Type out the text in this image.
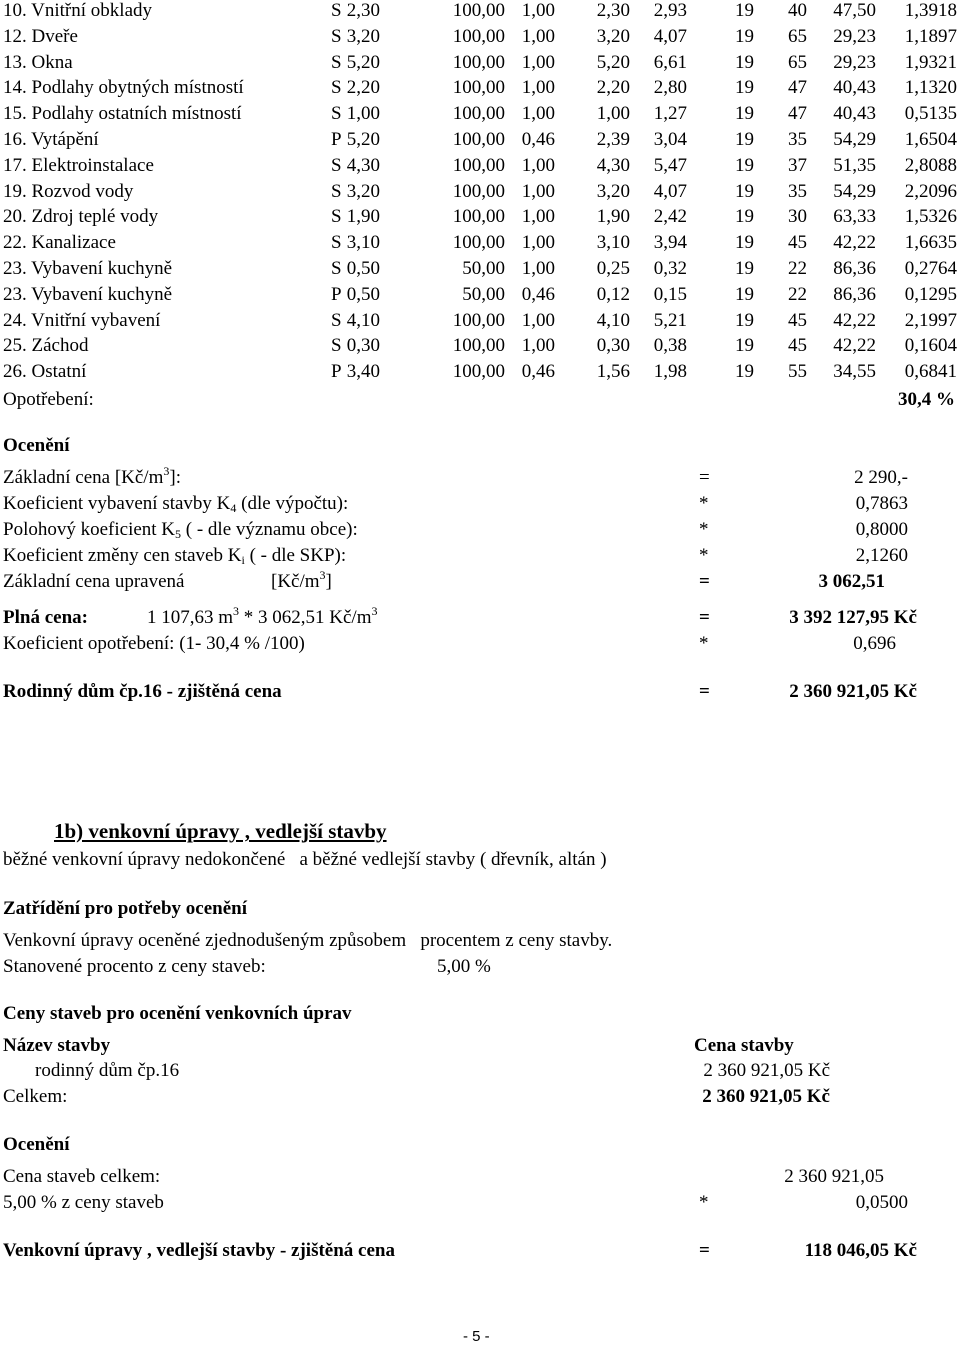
10. Vnitřní obklady	S 2,30	100,00 1,00 2,30 2,93	19 40 47,50 1,3918
12. Dveře	S 3,20	100,00 1,00 3,20 4,07	19 65 29,23 1,1897
13. Okna	S 5,20	100,00 1,00 5,20 6,61	19 65 29,23 1,9321
14. Podlahy obytných místností	S 2,20	100,00 1,00 2,20 2,80	19 47 40,43 1,1320
15. Podlahy ostatních místností	S 1,00	100,00 1,00 1,00 1,27	19 47 40,43 0,5135
16. Vytápění	P 5,20	100,00 0,46 2,39 3,04	19 35 54,29 1,6504
17. Elektroinstalace	S 4,30	100,00 1,00 4,30 5,47	19 37 51,35 2,8088
19. Rozvod vody	S 3,20	100,00 1,00 3,20 4,07	19 35 54,29 2,2096
20. Zdroj teplé vody	S 1,90	100,00 1,00 1,90 2,42	19 30 63,33 1,5326
22. Kanalizace	S 3,10	100,00 1,00 3,10 3,94	19 45 42,22 1,6635
23. Vybavení kuchyně	S 0,50	50,00 1,00 0,25 0,32	19 22 86,36 0,2764
23. Vybavení kuchyně	P 0,50	50,00 0,46 0,12 0,15	19 22 86,36 0,1295
24. Vnitřní vybavení	S 4,10	100,00 1,00 4,10 5,21	19 45 42,22 2,1997
25. Záchod	S 0,30	100,00 1,00 0,30 0,38	19 45 42,22 0,1604
26. Ostatní	P 3,40	100,00 0,46 1,56 1,98	19 55 34,55 0,6841
Opotřebení:	30,4 %
Ocenění
Základní cena $[Kč/m^3]$:	=	2 290,-
Koeficient vybavení stavby $K_4$ (dle výpočtu):	*	0,7863
Polohový koeficient $K_5$ ( - dle významu obce):	*	0,8000
Koeficient změny cen staveb $K_i$ ( - dle SKP):	*	2,1260
Základní cena upravená	$[Kč/m^3]$	=	3 062,51
Plná cena:	1 107,63 $m^3 * 3$ 062,51 $Kč/m^3$	=	3 392 127,95 Kč
Koeficient opotřebení: (1- 30,4 % /100)	*	0,696
Rodinný dům čp.16 - zjištěná cena	=	2 360 921,05 Kč
1b) venkovní úpravy , vedlejší stavby
běžné venkovní úpravy nedokončené   a běžné vedlejší stavby ( dřevník, altán )
Zatřídění pro potřeby ocenění
Venkovní úpravy oceněné zjednodušeným způsobem   procentem z ceny stavby.
Stanovené procento z ceny staveb:	5,00 %
Ceny staveb pro ocenění venkovních úprav
Název stavby	Cena stavby
rodinný dům čp.16	2 360 921,05 Kč
Celkem:	2 360 921,05 Kč
Ocenění
Cena staveb celkem:	2 360 921,05
5,00 % z ceny staveb	*	0,0500
Venkovní úpravy , vedlejší stavby - zjištěná cena	=	118 046,05 Kč
- 5 -
